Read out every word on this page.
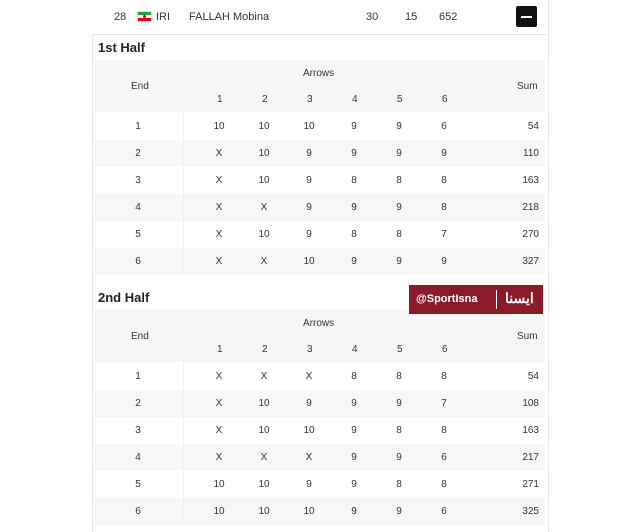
28	IRI FALLAH Mobina	30 15 652
1st Half
End
Arrows
Sum
1	2	3	4	5	6
1	10	10	10	9	9	6	54
2	X	10	9	9	9	9	110
3	X	10	9	8	8	8	163
4	X	X	9	9	9	8	218
5	X	10	9	8	8	7	270
6	X	X	10	9	9	9	327
2nd Half
End
Arrows
Sum
1	2	3	4	5	6
1	X	X	X	8	8	8	54
2	X	10	9	9	9	7	108
3	X	10	10	9	8	8	163
4	X	X	X	9	9	6	217
5	10	10	9	9	8	8	271
6	10	10	10	9	9	6	325
@SportIsna ایسنا
